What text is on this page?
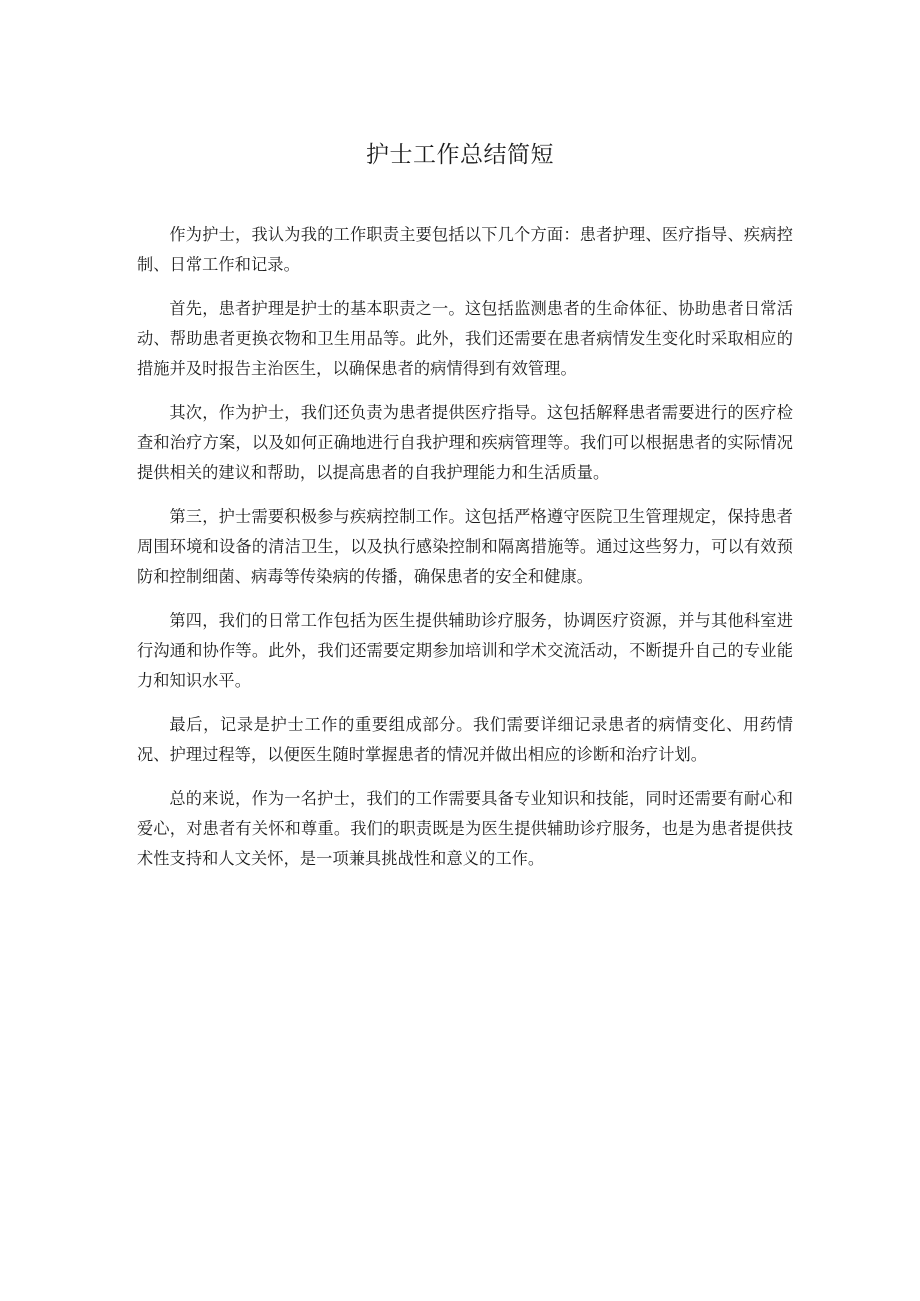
护士工作总结简短

作为护士，我认为我的工作职责主要包括以下几个方面：患者护理、医疗指导、疾病控制、日常工作和记录。

首先，患者护理是护士的基本职责之一。这包括监测患者的生命体征、协助患者日常活动、帮助患者更换衣物和卫生用品等。此外，我们还需要在患者病情发生变化时采取相应的措施并及时报告主治医生，以确保患者的病情得到有效管理。

其次，作为护士，我们还负责为患者提供医疗指导。这包括解释患者需要进行的医疗检查和治疗方案，以及如何正确地进行自我护理和疾病管理等。我们可以根据患者的实际情况提供相关的建议和帮助，以提高患者的自我护理能力和生活质量。

第三，护士需要积极参与疾病控制工作。这包括严格遵守医院卫生管理规定，保持患者周围环境和设备的清洁卫生，以及执行感染控制和隔离措施等。通过这些努力，可以有效预防和控制细菌、病毒等传染病的传播，确保患者的安全和健康。

第四，我们的日常工作包括为医生提供辅助诊疗服务，协调医疗资源，并与其他科室进行沟通和协作等。此外，我们还需要定期参加培训和学术交流活动，不断提升自己的专业能力和知识水平。

最后，记录是护士工作的重要组成部分。我们需要详细记录患者的病情变化、用药情况、护理过程等，以便医生随时掌握患者的情况并做出相应的诊断和治疗计划。

总的来说，作为一名护士，我们的工作需要具备专业知识和技能，同时还需要有耐心和爱心，对患者有关怀和尊重。我们的职责既是为医生提供辅助诊疗服务，也是为患者提供技术性支持和人文关怀，是一项兼具挑战性和意义的工作。
